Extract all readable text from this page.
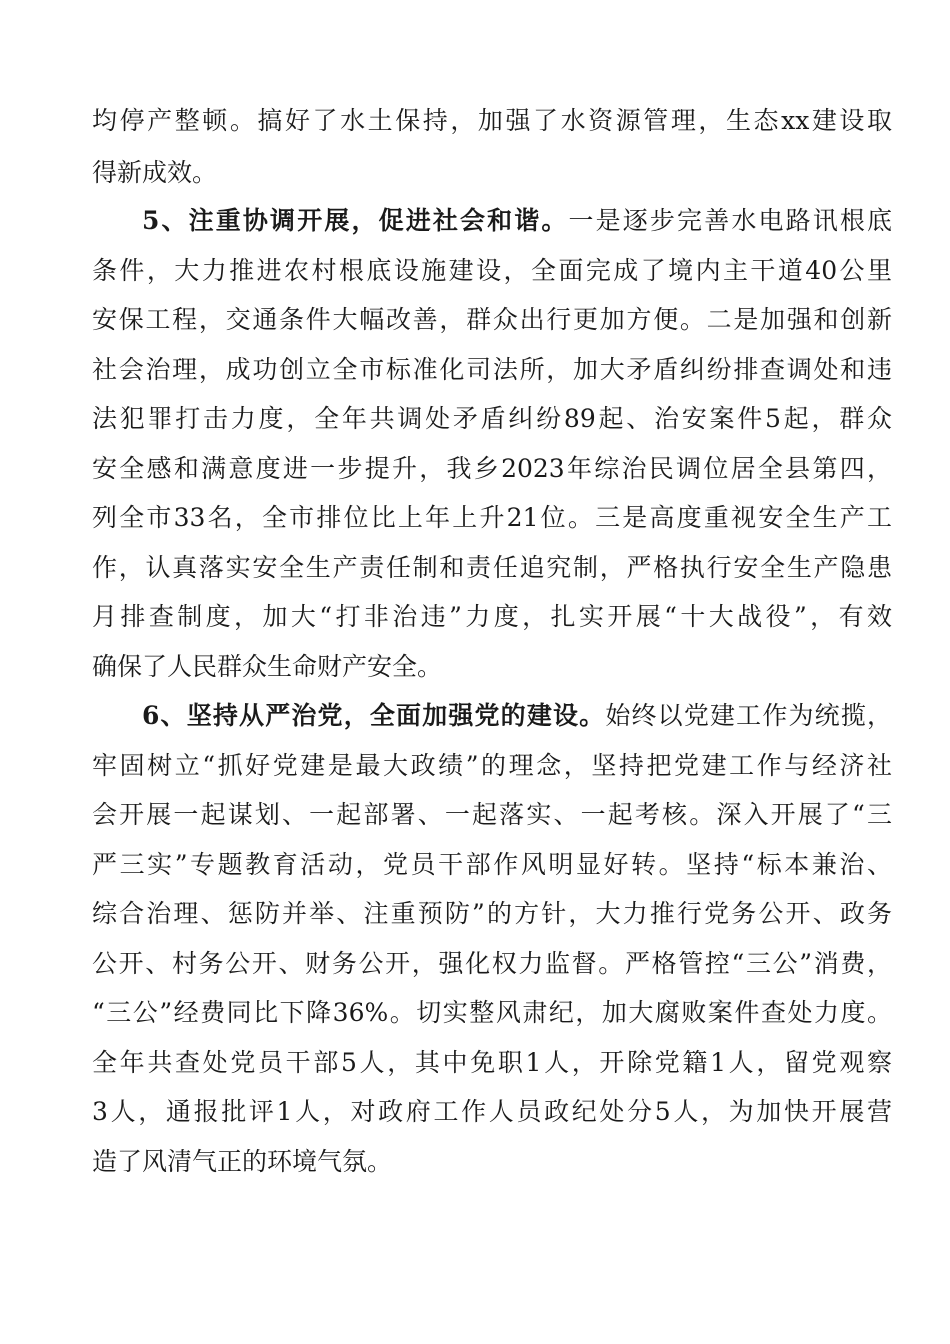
均停产整顿。搞好了水土保持，加强了水资源管理，生态xx建设取
得新成效。
5、注重协调开展，促进社会和谐。一是逐步完善水电路讯根底
条件，大力推进农村根底设施建设，全面完成了境内主干道40公里
安保工程，交通条件大幅改善，群众出行更加方便。二是加强和创新
社会治理，成功创立全市标准化司法所，加大矛盾纠纷排查调处和违
法犯罪打击力度，全年共调处矛盾纠纷89起、治安案件5起，群众
安全感和满意度进一步提升，我乡2023年综治民调位居全县第四，
列全市33名，全市排位比上年上升21位。三是高度重视安全生产工
作，认真落实安全生产责任制和责任追究制，严格执行安全生产隐患
月排查制度，加大“打非治违”力度，扎实开展“十大战役”，有效
确保了人民群众生命财产安全。
6、坚持从严治党，全面加强党的建设。始终以党建工作为统揽，
牢固树立“抓好党建是最大政绩”的理念，坚持把党建工作与经济社
会开展一起谋划、一起部署、一起落实、一起考核。深入开展了“三
严三实”专题教育活动，党员干部作风明显好转。坚持“标本兼治、
综合治理、惩防并举、注重预防”的方针，大力推行党务公开、政务
公开、村务公开、财务公开，强化权力监督。严格管控“三公”消费，
“三公”经费同比下降36%。切实整风肃纪，加大腐败案件查处力度。
全年共查处党员干部5人，其中免职1人，开除党籍1人，留党观察
3人，通报批评1人，对政府工作人员政纪处分5人，为加快开展营
造了风清气正的环境气氛。
